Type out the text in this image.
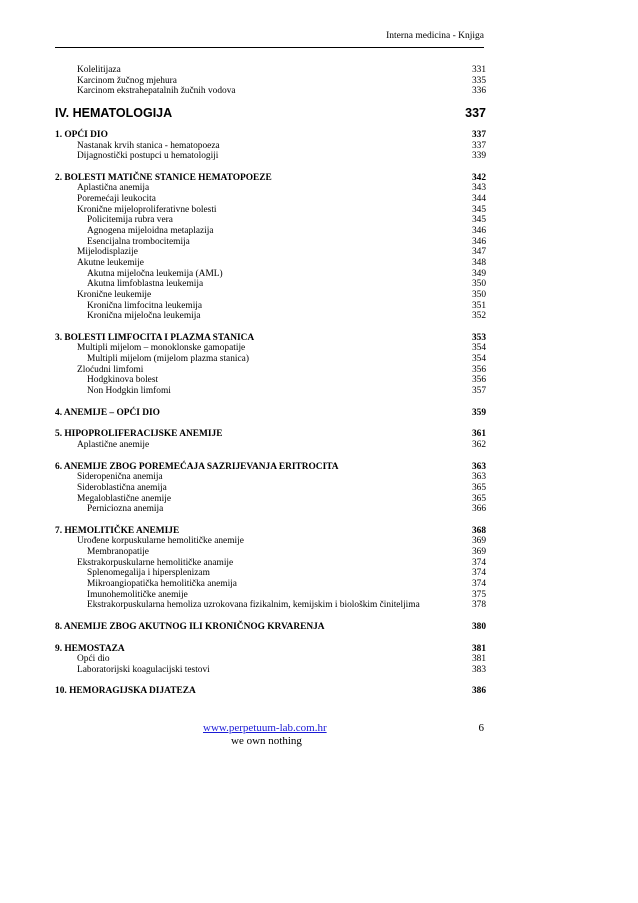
Interna medicina - Knjiga
Kolelitijaza	331
Karcinom žučnog mjehura	335
Karcinom ekstrahepatalnih žučnih vodova	336
IV. HEMATOLOGIJA	337
1. OPĆI DIO	337
Nastanak krvih stanica - hematopoeza	337
Dijagnostički postupci u hematologiji	339
2. BOLESTI MATIČNE STANICE HEMATOPOEZE	342
Aplastična anemija	343
Poremećaji leukocita	344
Kronične mijeloproliferativne bolesti	345
Policitemija rubra vera	345
Agnogena mijeloidna metaplazija	346
Esencijalna trombocitemija	346
Mijelodisplazije	347
Akutne leukemije	348
Akutna mijeločna leukemija (AML)	349
Akutna limfoblastna leukemija	350
Kronične leukemije	350
Kronična limfocitna leukemija	351
Kronična mijeločna leukemija	352
3. BOLESTI LIMFOCITA I PLAZMA STANICA	353
Multipli mijelom – monoklonske gamopatije	354
Multipli mijelom (mijelom plazma stanica)	354
Zloćudni limfomi	356
Hodgkinova bolest	356
Non Hodgkin limfomi	357
4. ANEMIJE – OPĆI DIO	359
5. HIPOPROLIFERACIJSKE ANEMIJE	361
Aplastične anemije	362
6. ANEMIJE ZBOG POREMEĆAJA SAZRIJEVANJA ERITROCITA	363
Sideropenična anemija	363
Sideroblastična anemija	365
Megaloblastične anemije	365
Perniciozna anemija	366
7. HEMOLITIČKE ANEMIJE	368
Urođene korpuskularne hemolitičke anemije	369
Membranopatije	369
Ekstrakorpuskularne hemolitičke anamije	374
Splenomegalija i hipersplenizam	374
Mikroangiopatička hemolitička anemija	374
Imunohemolitičke anemije	375
Ekstrakorpuskularna hemoliza uzrokovana fizikalnim, kemijskim i biološkim činiteljima	378
8. ANEMIJE ZBOG AKUTNOG ILI KRONIČNOG KRVARENJA	380
9. HEMOSTAZA	381
Opći dio	381
Laboratorijski koagulacijski testovi	383
10. HEMORAGIJSKA DIJATEZA	386
www.perpetuum-lab.com.hr
we own nothing
6
